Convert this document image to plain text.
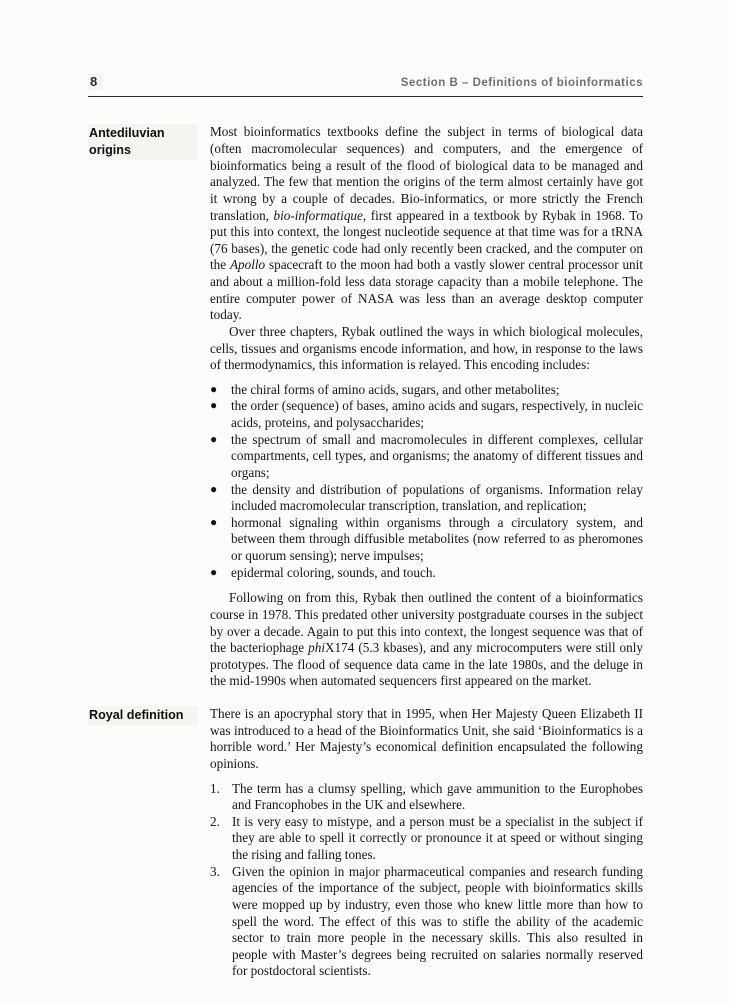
8	Section B – Definitions of bioinformatics
Antediluvian origins

Most bioinformatics textbooks define the subject in terms of biological data (often macromolecular sequences) and computers, and the emergence of bioinformatics being a result of the flood of biological data to be managed and analyzed. The few that mention the origins of the term almost certainly have got it wrong by a couple of decades. Bio-informatics, or more strictly the French translation, bio-informatique, first appeared in a textbook by Rybak in 1968. To put this into context, the longest nucleotide sequence at that time was for a tRNA (76 bases), the genetic code had only recently been cracked, and the computer on the Apollo spacecraft to the moon had both a vastly slower central processor unit and about a million-fold less data storage capacity than a mobile telephone. The entire computer power of NASA was less than an average desktop computer today.

Over three chapters, Rybak outlined the ways in which biological molecules, cells, tissues and organisms encode information, and how, in response to the laws of thermodynamics, this information is relayed. This encoding includes:

●	the chiral forms of amino acids, sugars, and other metabolites;
●	the order (sequence) of bases, amino acids and sugars, respectively, in nucleic acids, proteins, and polysaccharides;
●	the spectrum of small and macromolecules in different complexes, cellular compartments, cell types, and organisms; the anatomy of different tissues and organs;
●	the density and distribution of populations of organisms. Information relay included macromolecular transcription, translation, and replication;
●	hormonal signaling within organisms through a circulatory system, and between them through diffusible metabolites (now referred to as pheromones or quorum sensing); nerve impulses;
●	epidermal coloring, sounds, and touch.

Following on from this, Rybak then outlined the content of a bioinformatics course in 1978. This predated other university postgraduate courses in the subject by over a decade. Again to put this into context, the longest sequence was that of the bacteriophage phiX174 (5.3 kbases), and any microcomputers were still only prototypes. The flood of sequence data came in the late 1980s, and the deluge in the mid-1990s when automated sequencers first appeared on the market.

Royal definition	There is an apocryphal story that in 1995, when Her Majesty Queen Elizabeth II was introduced to a head of the Bioinformatics Unit, she said ‘Bioinformatics is a horrible word.’ Her Majesty’s economical definition encapsulated the following opinions.

1. The term has a clumsy spelling, which gave ammunition to the Europhobes and Francophobes in the UK and elsewhere.
2. It is very easy to mistype, and a person must be a specialist in the subject if they are able to spell it correctly or pronounce it at speed or without singing the rising and falling tones.
3. Given the opinion in major pharmaceutical companies and research funding agencies of the importance of the subject, people with bioinformatics skills were mopped up by industry, even those who knew little more than how to spell the word. The effect of this was to stifle the ability of the academic sector to train more people in the necessary skills. This also resulted in people with Master’s degrees being recruited on salaries normally reserved for postdoctoral scientists.
